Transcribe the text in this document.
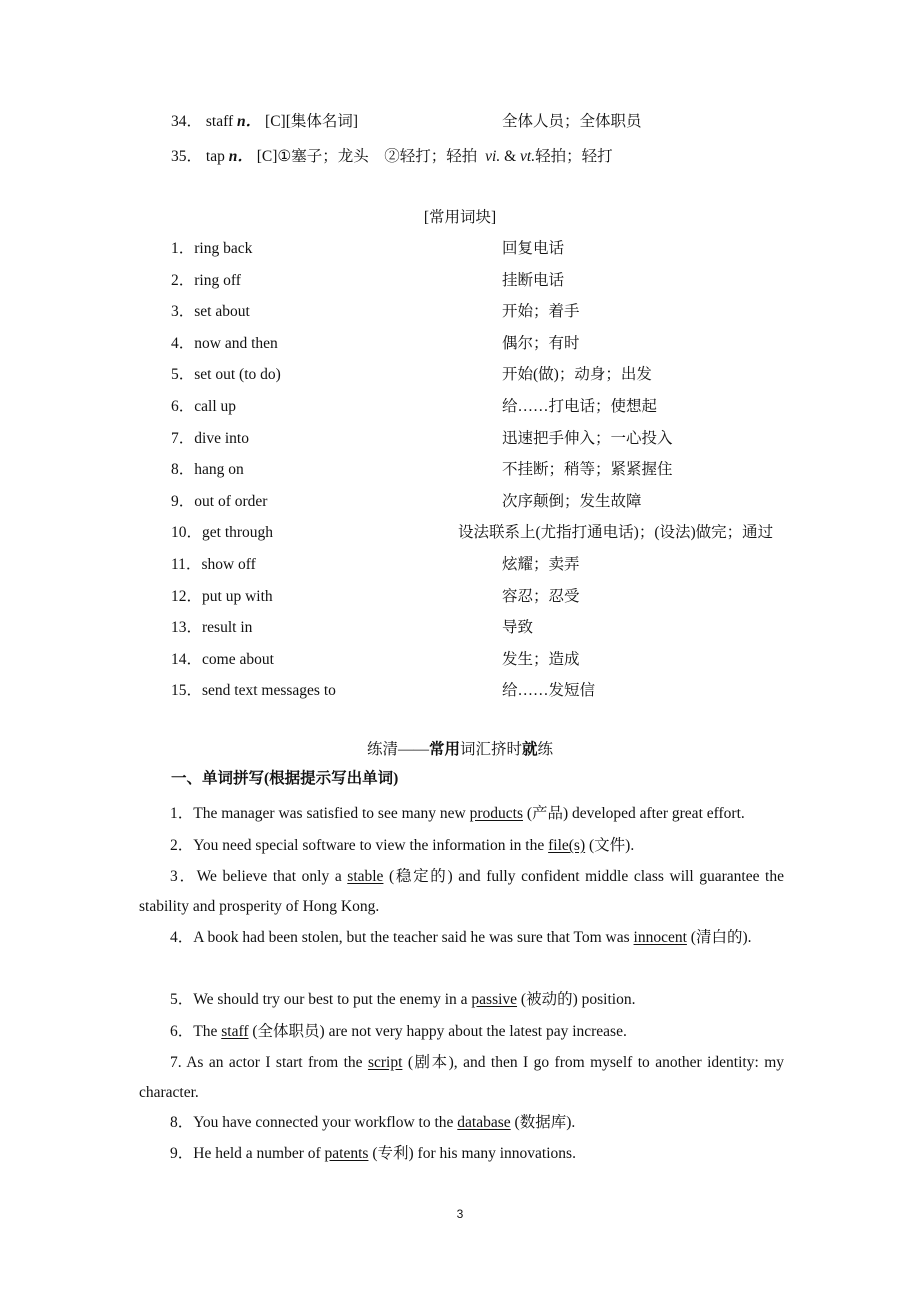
34． staff n． [C][集体名词]	全体人员；全体职员
35． tap n． [C]①塞子；龙头　②轻打；轻拍 vi. & vt.轻拍；轻打
[常用词块]
1．ring back	回复电话
2．ring off	挂断电话
3．set about	开始；着手
4．now and then	偶尔；有时
5．set out (to do)	开始(做)；动身；出发
6．call up	给……打电话；使想起
7．dive into	迅速把手伸入；一心投入
8．hang on	不挂断；稍等；紧紧握住
9．out of order	次序颠倒；发生故障
10．get through	设法联系上(尤指打通电话)；(设法)做完；通过
11．show off	炫耀；卖弄
12．put up with	容忍；忍受
13．result in	导致
14．come about	发生；造成
15．send text messages to	给……发短信
练清——常用词汇挤时就练
一、单词拼写(根据提示写出单词)
1．The manager was satisfied to see many new products (产品) developed after great effort.
2．You need special software to view the information in the file(s) (文件).
3．We believe that only a stable (稳定的) and fully confident middle class will guarantee the stability and prosperity of Hong Kong.
4．A book had been stolen, but the teacher said he was sure that Tom was innocent (清白的).
5．We should try our best to put the enemy in a passive (被动的) position.
6．The staff (全体职员) are not very happy about the latest pay increase.
7. As an actor I start from the script (剧本), and then I go from myself to another identity: my character.
8．You have connected your workflow to the database (数据库).
9．He held a number of patents (专利) for his many innovations.
3
